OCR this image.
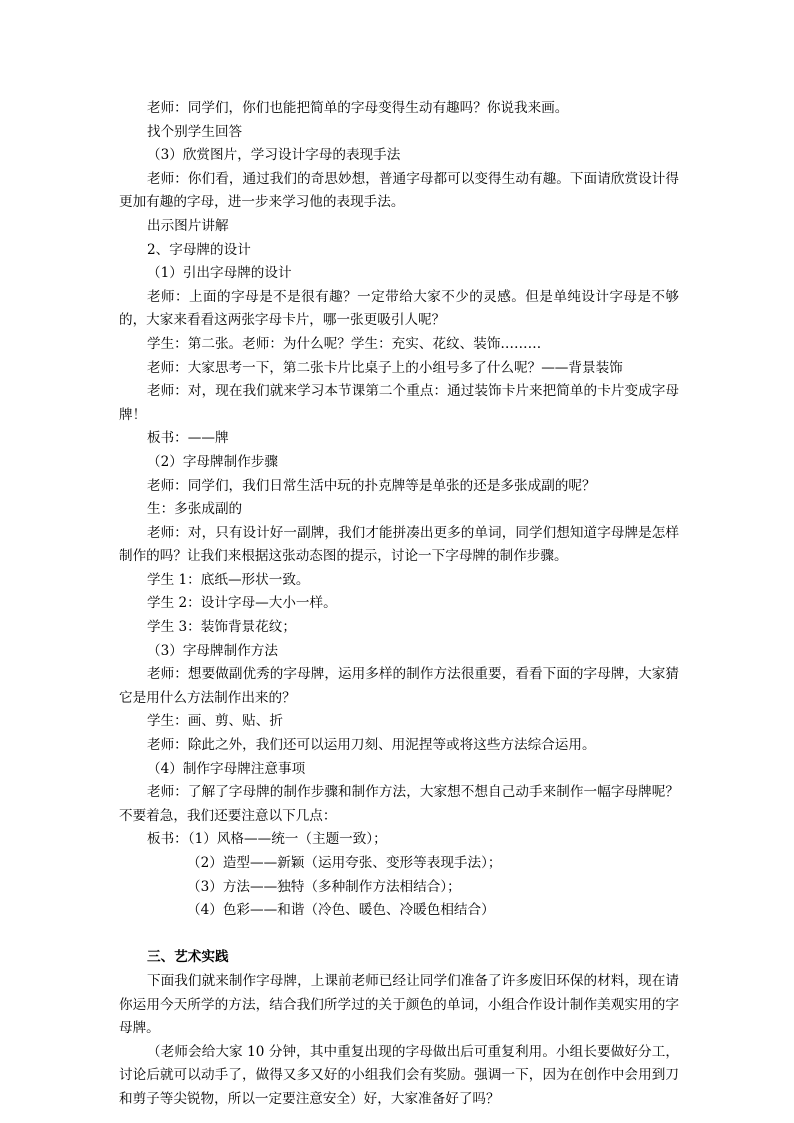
老师：同学们，你们也能把简单的字母变得生动有趣吗？你说我来画。

找个别学生回答

（3）欣赏图片，学习设计字母的表现手法

老师：你们看，通过我们的奇思妙想，普通字母都可以变得生动有趣。下面请欣赏设计得更加有趣的字母，进一步来学习他的表现手法。

出示图片讲解

2、字母牌的设计

（1）引出字母牌的设计

老师：上面的字母是不是很有趣？一定带给大家不少的灵感。但是单纯设计字母是不够的，大家来看看这两张字母卡片，哪一张更吸引人呢？

学生：第二张。老师：为什么呢？学生：充实、花纹、装饰………

老师：大家思考一下，第二张卡片比桌子上的小组号多了什么呢？——背景装饰

老师：对，现在我们就来学习本节课第二个重点：通过装饰卡片来把简单的卡片变成字母牌！

板书：——牌

（2）字母牌制作步骤

老师：同学们，我们日常生活中玩的扑克牌等是单张的还是多张成副的呢？

生：多张成副的

老师：对，只有设计好一副牌，我们才能拼凑出更多的单词，同学们想知道字母牌是怎样制作的吗？让我们来根据这张动态图的提示，讨论一下字母牌的制作步骤。

学生 1：底纸—形状一致。

学生 2：设计字母—大小一样。

学生 3：装饰背景花纹；

（3）字母牌制作方法

老师：想要做副优秀的字母牌，运用多样的制作方法很重要，看看下面的字母牌，大家猜它是用什么方法制作出来的？

学生：画、剪、贴、折

老师：除此之外，我们还可以运用刀刻、用泥捏等或将这些方法综合运用。

（4）制作字母牌注意事项

老师：了解了字母牌的制作步骤和制作方法，大家想不想自己动手来制作一幅字母牌呢？不要着急，我们还要注意以下几点：

板书：（1）风格——统一（主题一致）；

（2）造型——新颖（运用夸张、变形等表现手法）；

（3）方法——独特（多种制作方法相结合）；

（4）色彩——和谐（冷色、暖色、冷暖色相结合）

三、艺术实践

下面我们就来制作字母牌，上课前老师已经让同学们准备了许多废旧环保的材料，现在请你运用今天所学的方法，结合我们所学过的关于颜色的单词，小组合作设计制作美观实用的字母牌。

（老师会给大家 10 分钟，其中重复出现的字母做出后可重复利用。小组长要做好分工，讨论后就可以动手了，做得又多又好的小组我们会有奖励。强调一下，因为在创作中会用到刀和剪子等尖锐物，所以一定要注意安全）好，大家准备好了吗？
